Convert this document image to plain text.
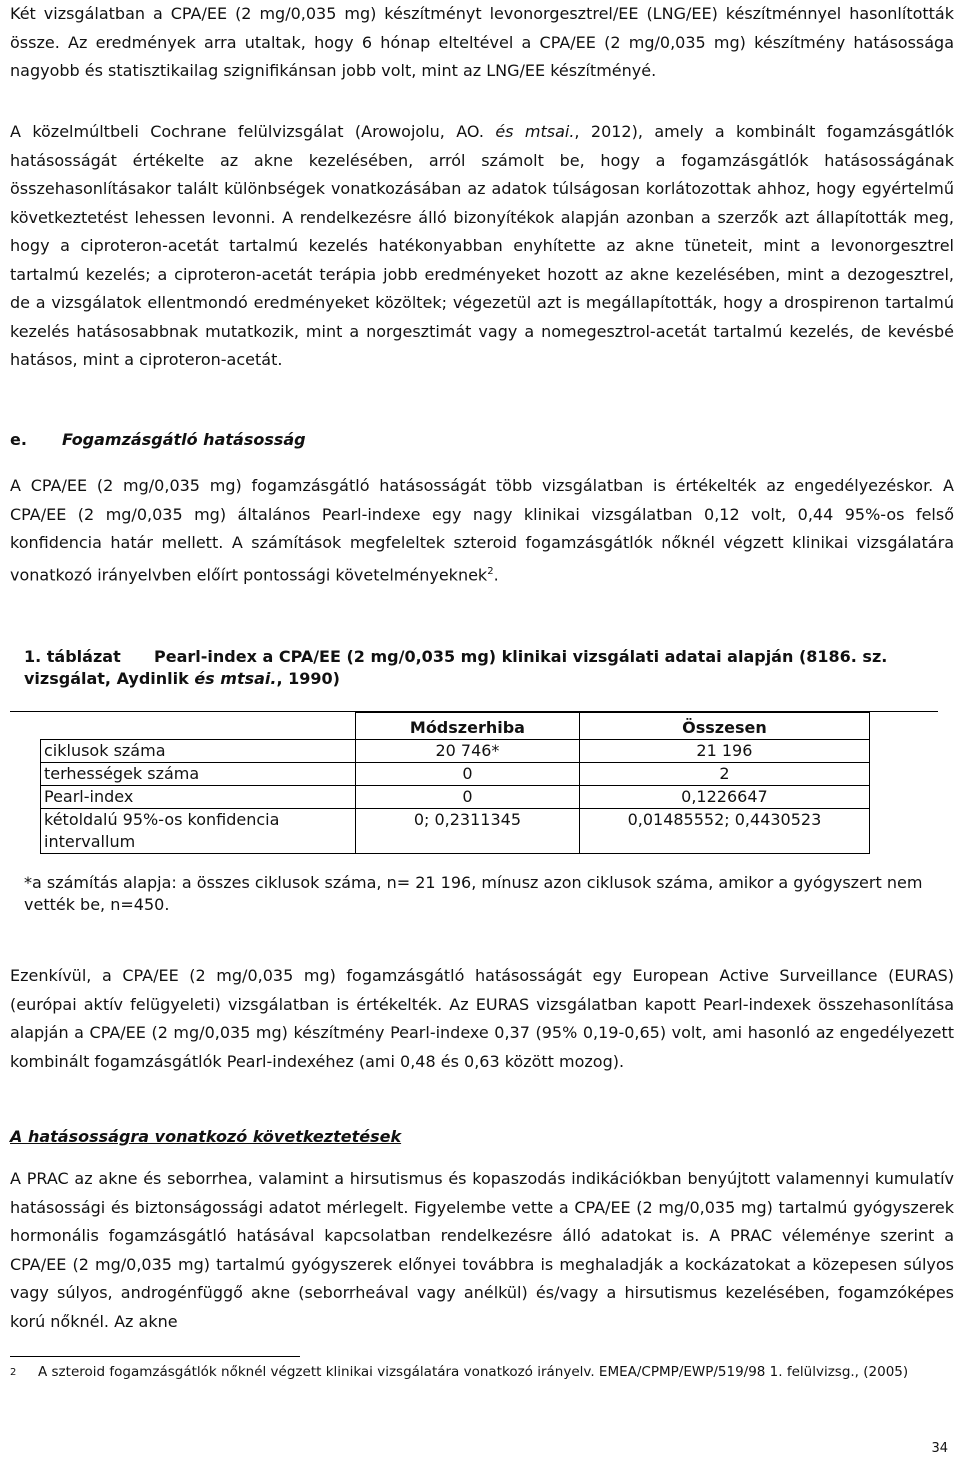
Két vizsgálatban a CPA/EE (2 mg/0,035 mg) készítményt levonorgesztrel/EE (LNG/EE) készítménnyel hasonlították össze. Az eredmények arra utaltak, hogy 6 hónap elteltével a CPA/EE (2 mg/0,035 mg) készítmény hatásossága nagyobb és statisztikailag szignifikánsan jobb volt, mint az LNG/EE készítményé.

A közelmúltbeli Cochrane felülvizsgálat (Arowojolu, AO. és mtsai., 2012), amely a kombinált fogamzásgátlók hatásosságát értékelte az akne kezelésében, arról számolt be, hogy a fogamzásgátlók hatásosságának összehasonlításakor talált különbségek vonatkozásában az adatok túlságosan korlátozottak ahhoz, hogy egyértelmű következtetést lehessen levonni. A rendelkezésre álló bizonyítékok alapján azonban a szerzők azt állapították meg, hogy a ciproteron-acetát tartalmú kezelés hatékonyabban enyhítette az akne tüneteit, mint a levonorgesztrel tartalmú kezelés; a ciproteron-acetát terápia jobb eredményeket hozott az akne kezelésében, mint a dezogesztrel, de a vizsgálatok ellentmondó eredményeket közöltek; végezetül azt is megállapították, hogy a drospirenon tartalmú kezelés hatásosabbnak mutatkozik, mint a norgesztimát vagy a nomegesztrol-acetát tartalmú kezelés, de kevésbé hatásos, mint a ciproteron-acetát.

e. Fogamzásgátló hatásosság

A CPA/EE (2 mg/0,035 mg) fogamzásgátló hatásosságát több vizsgálatban is értékelték az engedélyezéskor. A CPA/EE (2 mg/0,035 mg) általános Pearl-indexe egy nagy klinikai vizsgálatban 0,12 volt, 0,44 95%-os felső konfidencia határ mellett. A számítások megfeleltek szteroid fogamzásgátlók nőknél végzett klinikai vizsgálatára vonatkozó irányelvben előírt pontossági követelményeknek$^2$.

1. táblázat Pearl-index a CPA/EE (2 mg/0,035 mg) klinikai vizsgálati adatai alapján (8186. sz. vizsgálat, Aydinlik és mtsai., 1990)
	Módszerhiba	Összesen
ciklusok száma	20 746*	21 196
terhességek száma	0	2
Pearl-index	0	0,1226647
kétoldalú 95%-os konfidencia intervallum	0; 0,2311345	0,01485552; 0,4430523

*a számítás alapja: a összes ciklusok száma, n= 21 196, mínusz azon ciklusok száma, amikor a gyógyszert nem vették be, n=450.

Ezenkívül, a CPA/EE (2 mg/0,035 mg) fogamzásgátló hatásosságát egy European Active Surveillance (EURAS) (európai aktív felügyeleti) vizsgálatban is értékelték. Az EURAS vizsgálatban kapott Pearl-indexek összehasonlítása alapján a CPA/EE (2 mg/0,035 mg) készítmény Pearl-indexe 0,37 (95% 0,19-0,65) volt, ami hasonló az engedélyezett kombinált fogamzásgátlók Pearl-indexéhez (ami 0,48 és 0,63 között mozog).

A hatásosságra vonatkozó következtetések

A PRAC az akne és seborrhea, valamint a hirsutismus és kopaszodás indikációkban benyújtott valamennyi kumulatív hatásossági és biztonságossági adatot mérlegelt. Figyelembe vette a CPA/EE (2 mg/0,035 mg) tartalmú gyógyszerek hormonális fogamzásgátló hatásával kapcsolatban rendelkezésre álló adatokat is. A PRAC véleménye szerint a CPA/EE (2 mg/0,035 mg) tartalmú gyógyszerek előnyei továbbra is meghaladják a kockázatokat a közepesen súlyos vagy súlyos, androgénfüggő akne (seborrheával vagy anélkül) és/vagy a hirsutismus kezelésében, fogamzóképes korú nőknél. Az akne

2 A szteroid fogamzásgátlók nőknél végzett klinikai vizsgálatára vonatkozó irányelv. EMEA/CPMP/EWP/519/98 1. felülvizsg., (2005)
34
